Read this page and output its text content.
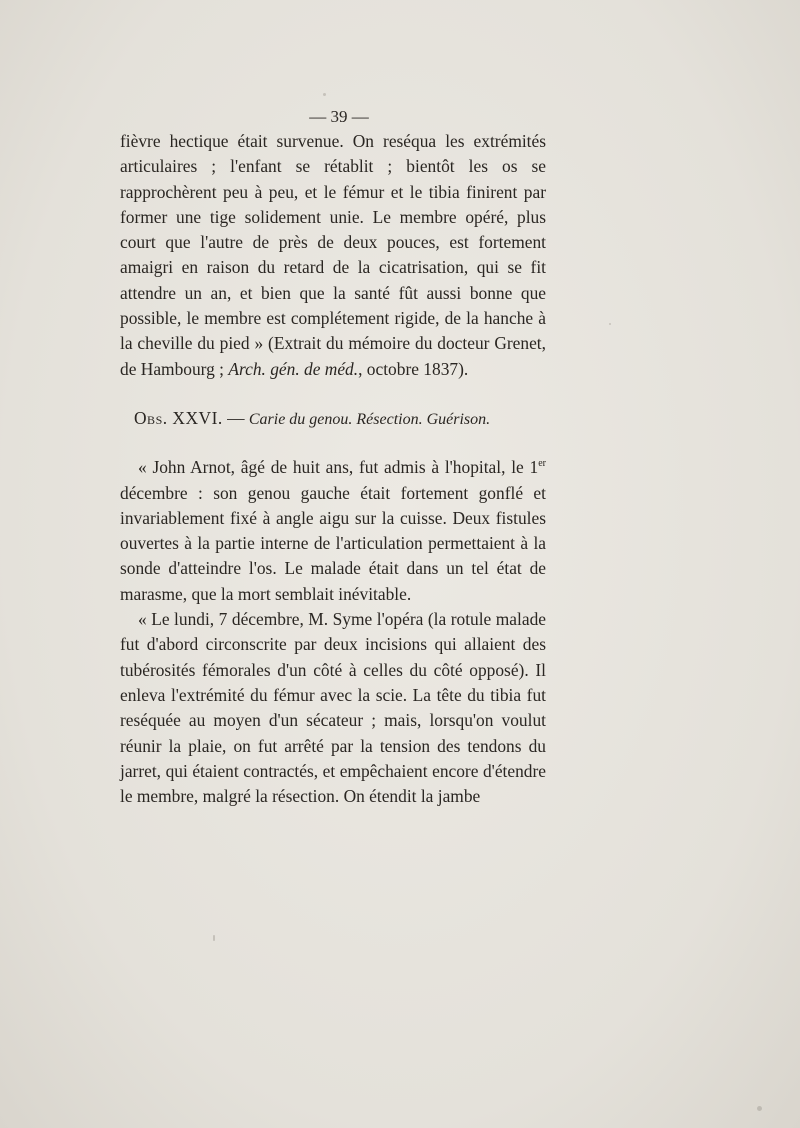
— 39 —

fièvre hectique était survenue. On reséqua les extrémités articulaires ; l'enfant se rétablit ; bientôt les os se rapprochèrent peu à peu, et le fémur et le tibia finirent par former une tige solidement unie. Le membre opéré, plus court que l'autre de près de deux pouces, est fortement amaigri en raison du retard de la cicatrisation, qui se fit attendre un an, et bien que la santé fût aussi bonne que possible, le membre est complétement rigide, de la hanche à la cheville du pied » (Extrait du mémoire du docteur Grenet, de Hambourg ; Arch. gén. de méd., octobre 1837).

Obs. XXVI. — Carie du genou. Résection. Guérison.

« John Arnot, âgé de huit ans, fut admis à l'hopital, le 1er décembre : son genou gauche était fortement gonflé et invariablement fixé à angle aigu sur la cuisse. Deux fistules ouvertes à la partie interne de l'articulation permettaient à la sonde d'atteindre l'os. Le malade était dans un tel état de marasme, que la mort semblait inévitable.

« Le lundi, 7 décembre, M. Syme l'opéra (la rotule malade fut d'abord circonscrite par deux incisions qui allaient des tubérosités fémorales d'un côté à celles du côté opposé). Il enleva l'extrémité du fémur avec la scie. La tête du tibia fut reséquée au moyen d'un sécateur ; mais, lorsqu'on voulut réunir la plaie, on fut arrêté par la tension des tendons du jarret, qui étaient contractés, et empêchaient encore d'étendre le membre, malgré la résection. On étendit la jambe
